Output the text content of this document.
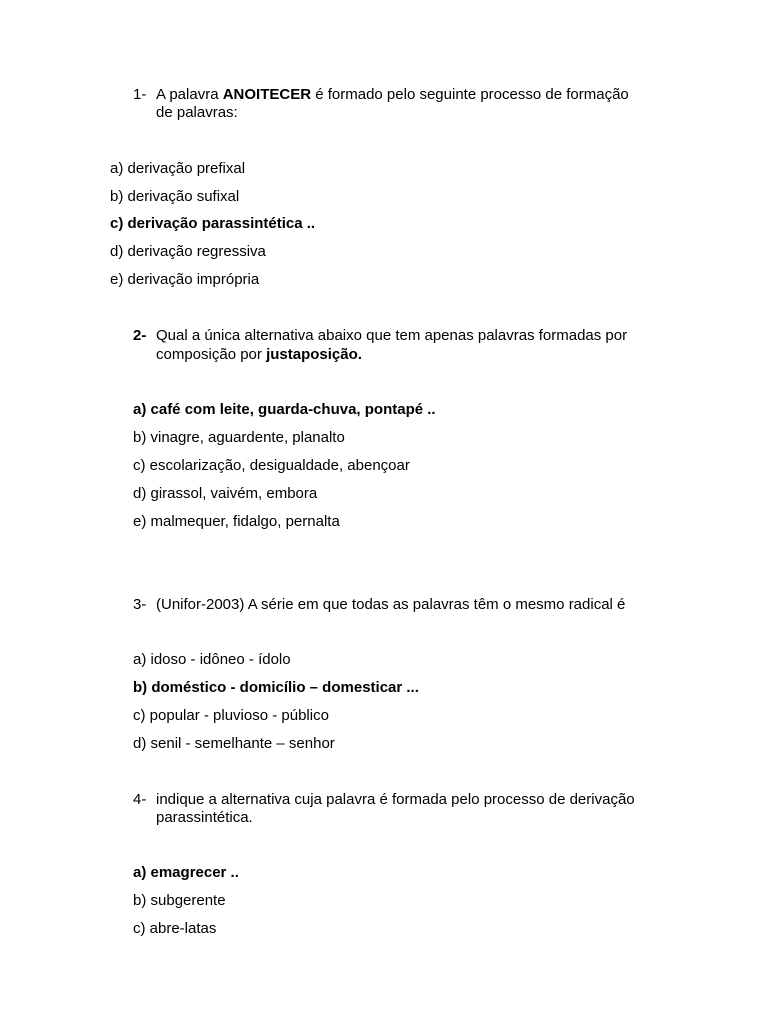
1- A palavra ANOITECER é formado pelo seguinte processo de formação
de palavras:
a) derivação prefixal
b) derivação sufixal
c) derivação parassintética ..
d) derivação regressiva
e) derivação imprópria
2- Qual a única alternativa abaixo que tem apenas palavras formadas por
composição por justaposição.
a) café com leite, guarda-chuva, pontapé ..
b) vinagre, aguardente, planalto
c) escolarização, desigualdade, abençoar
d) girassol, vaivém, embora
e) malmequer, fidalgo, pernalta
3- (Unifor-2003) A série em que todas as palavras têm o mesmo radical é
a) idoso - idôneo - ídolo
b) doméstico - domicílio – domesticar ...
c) popular - pluvioso - público
d) senil - semelhante – senhor
4- indique a alternativa cuja palavra é formada pelo processo de derivação
parassintética.
a) emagrecer ..
b) subgerente
c) abre-latas
